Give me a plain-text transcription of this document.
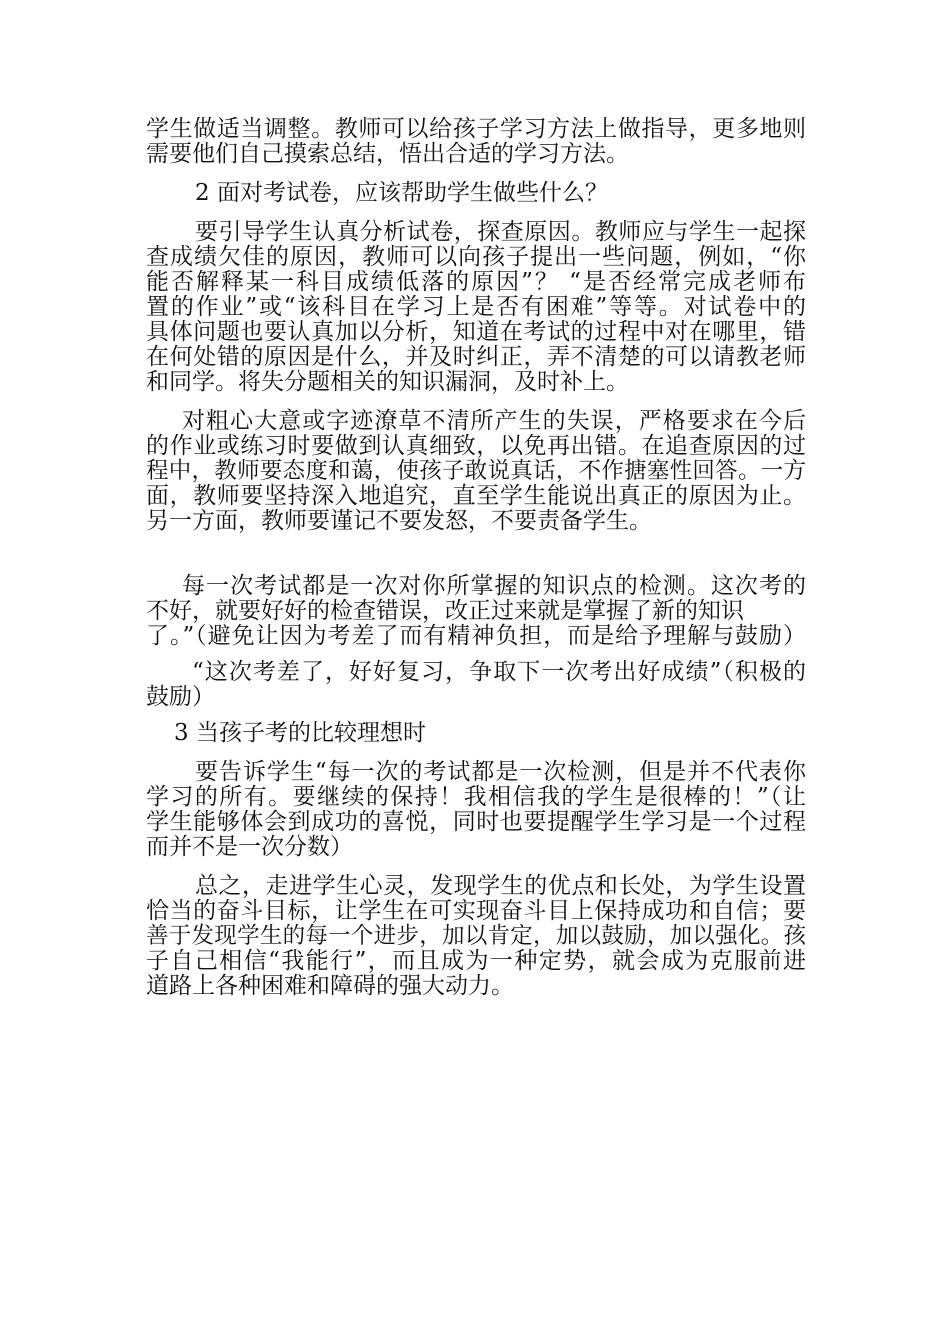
学生做适当调整。教师可以给孩子学习方法上做指导，更多地则
需要他们自己摸索总结，悟出合适的学习方法。
2 面对考试卷，应该帮助学生做些什么？
要引导学生认真分析试卷，探查原因。教师应与学生一起探
查成绩欠佳的原因，教师可以向孩子提出一些问题，例如，“你
能否解释某一科目成绩低落的原因”？ “是否经常完成老师布
置的作业”或“该科目在学习上是否有困难”等等。对试卷中的
具体问题也要认真加以分析，知道在考试的过程中对在哪里，错
在何处错的原因是什么，并及时纠正，弄不清楚的可以请教老师
和同学。将失分题相关的知识漏洞，及时补上。
对粗心大意或字迹潦草不清所产生的失误，严格要求在今后
的作业或练习时要做到认真细致，以免再出错。在追查原因的过
程中，教师要态度和蔼，使孩子敢说真话，不作搪塞性回答。一方
面，教师要坚持深入地追究，直至学生能说出真正的原因为止。
另一方面，教师要谨记不要发怒，不要责备学生。
每一次考试都是一次对你所掌握的知识点的检测。这次考的
不好，就要好好的检查错误，改正过来就是掌握了新的知识
了。”（避免让因为考差了而有精神负担，而是给予理解与鼓励）
“这次考差了，好好复习，争取下一次考出好成绩”（积极的
鼓励）
3 当孩子考的比较理想时
要告诉学生“每一次的考试都是一次检测，但是并不代表你
学习的所有。要继续的保持！我相信我的学生是很棒的！”（让
学生能够体会到成功的喜悦，同时也要提醒学生学习是一个过程
而并不是一次分数）
总之，走进学生心灵，发现学生的优点和长处，为学生设置
恰当的奋斗目标，让学生在可实现奋斗目上保持成功和自信；要
善于发现学生的每一个进步，加以肯定，加以鼓励，加以强化。孩
子自己相信“我能行”，而且成为一种定势，就会成为克服前进
道路上各种困难和障碍的强大动力。
